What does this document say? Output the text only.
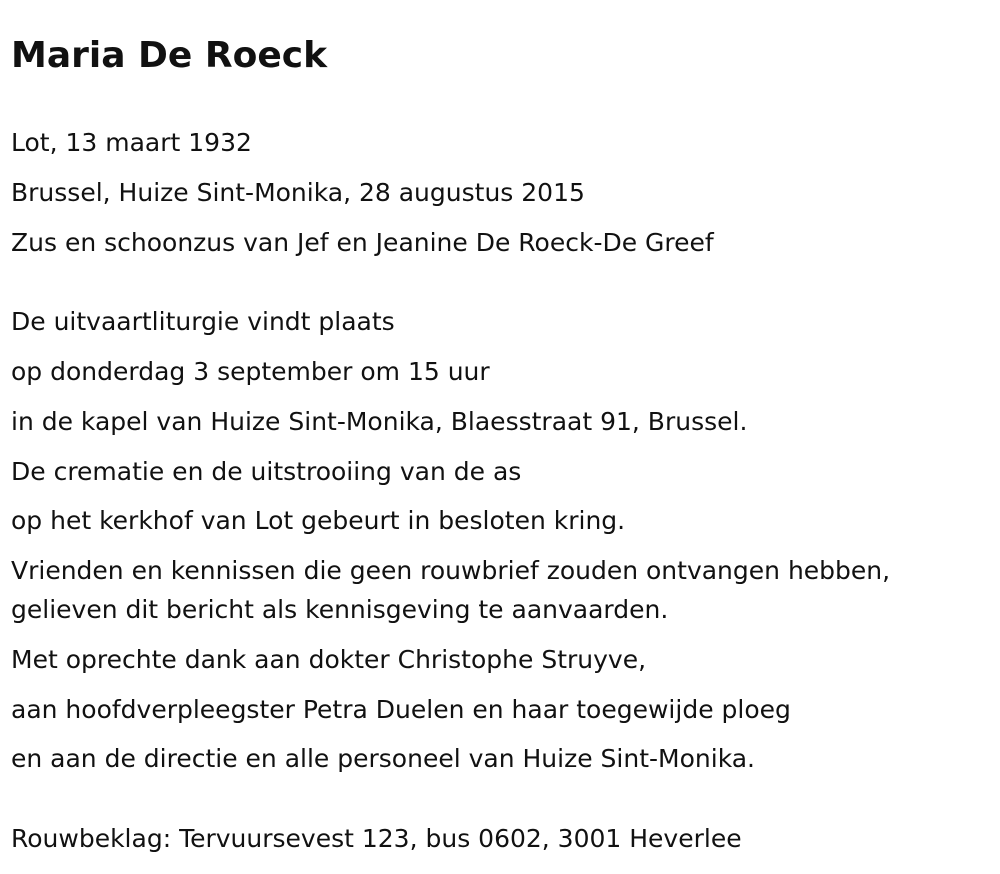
Maria De Roeck
Lot, 13 maart 1932
Brussel, Huize Sint-Monika, 28 augustus 2015
Zus en schoonzus van Jef en Jeanine De Roeck-De Greef
De uitvaartliturgie vindt plaats
op donderdag 3 september om 15 uur
in de kapel van Huize Sint-Monika, Blaesstraat 91, Brussel.
De crematie en de uitstrooiing van de as
op het kerkhof van Lot gebeurt in besloten kring.
Vrienden en kennissen die geen rouwbrief zouden ontvangen hebben, gelieven dit bericht als kennisgeving te aanvaarden.
Met oprechte dank aan dokter Christophe Struyve,
aan hoofdverpleegster Petra Duelen en haar toegewijde ploeg
en aan de directie en alle personeel van Huize Sint-Monika.
Rouwbeklag: Tervuursevest 123, bus 0602, 3001 Heverlee
